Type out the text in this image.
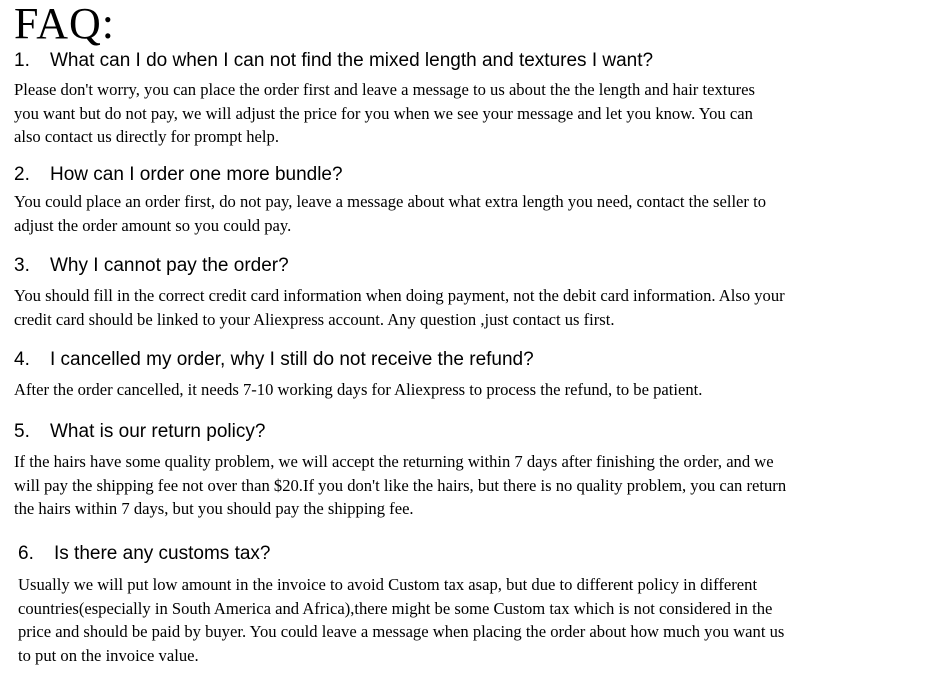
FAQ:

1. What can I do when I can not find the mixed length and textures I want?

Please don't worry, you can place the order first and leave a message to us about the the length and hair textures
you want but do not pay, we will adjust the price for you when we see your message and let you know. You can
also contact us directly for prompt help.

2. How can I order one more bundle?

You could place an order first, do not pay, leave a message about what extra length you need, contact the seller to
adjust the order amount so you could pay.

3. Why I cannot pay the order?

You should fill in the correct credit card information when doing payment, not the debit card information. Also your
credit card should be linked to your Aliexpress account. Any question ,just contact us first.

4. I cancelled my order, why I still do not receive the refund?

After the order cancelled, it needs 7-10 working days for Aliexpress to process the refund, to be patient.

5. What is our return policy?

If the hairs have some quality problem, we will accept the returning within 7 days after finishing the order, and we
will pay the shipping fee not over than $20.If you don't like the hairs, but there is no quality problem, you can return
the hairs within 7 days, but you should pay the shipping fee.

6. Is there any customs tax?

Usually we will put low amount in the invoice to avoid Custom tax asap, but due to different policy in different
countries(especially in South America and Africa),there might be some Custom tax which is not considered in the
price and should be paid by buyer. You could leave a message when placing the order about how much you want us
to put on the invoice value.
